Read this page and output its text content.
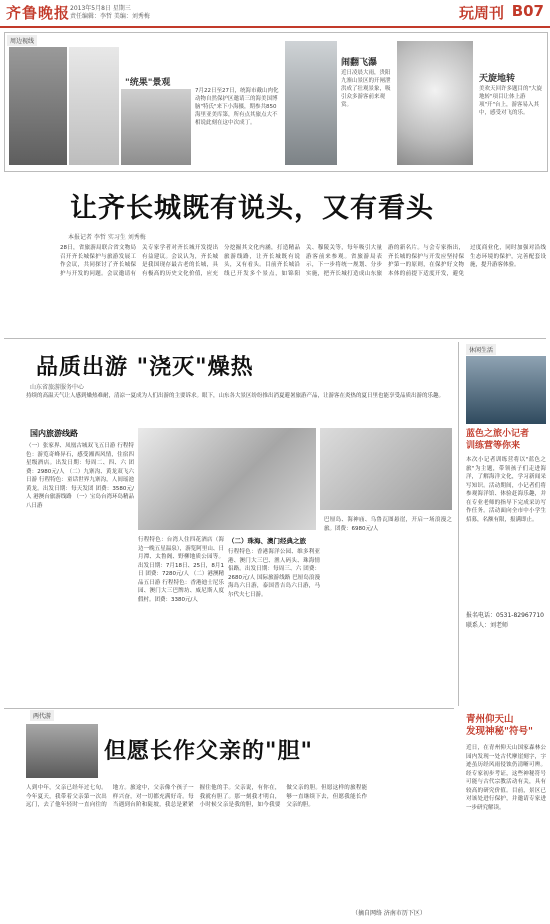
齐鲁晚报 2013年5月8日 星期三
责任编辑：李哲 美编：刘秀梅	玩周刊 B07
周边视线
"统果"景观
7月22日至27日，统海市戴山肉化动物自然保护区邀请三的海美国博脑"特氏"来下小海摄，期参共850海里亚美库第，所有点其旅点大不相说此刻在这中次成丁。
闹翻飞瀑
近日凌晨大雨，贵阳九寨山景区的开闸泄洪成了壮观景象，吸引众多游客前来观赏。
天旋地转
美欢天回许多题目的"大旋地转"项目让体上游项"开"台上，游客易入其中，感受对飞的乐。
让齐长城既有说头，又有看头
本报记者 李哲 实习生 刘秀梅
28日，省旅游局联合省文物局召开齐长城保护与旅游发展工作会议，共同探讨了齐长城保护与开发的问题。会议邀请有关专家学者对齐长城开发提出有益建议。会议认为，齐长城是我国现存最古老的长城，具有极高的历史文化价值，应充分挖掘其文化内涵，打造精品旅游线路，让齐长城既有说头，又有看头。目前齐长城沿线已开发多个景点，如锦阳关、穆陵关等，每年吸引大量游客前来参观。省旅游局表示，下一步将统一规划、分步实施，把齐长城打造成山东旅游的新名片。与会专家指出，齐长城的保护与开发应坚持保护第一的原则，在保护好文物本体的前提下适度开发，避免过度商业化，同时加强对沿线生态环境的保护，完善配套设施，提升游客体验。
品质出游 "浇灭"燥热
山东省旅游服务中心
持续的高温天气让人感到燥热难耐，清凉一夏成为人们出游的主要诉求。眼下，山东各大景区纷纷推出消夏避暑旅游产品，让游客在炎热的夏日里也能享受品质出游的乐趣。
国内旅游线路
（一）张家界、凤凰古城双飞五日游 行程特色：游览奇峰异石，感受湘西风情，住宿四星级酒店。出发日期：每周二、四、六 团费：2980元/人 （二）九寨沟、黄龙双飞六日游 行程特色：童话世界九寨沟，人间瑶池黄龙。出发日期：每天发团 团费：3580元/人 港澳台旅游线路 （一）宝岛台湾环岛精品八日游
行程特色：台湾人住四花酒店（海边一晚五星温泉），游览阿里山、日月潭、太鲁阁、野柳地质公园等。出发日期：7月18日、25日，8月1日 团费：7280元/人 （二）港澳精品五日游 行程特色：香港迪士尼乐园、澳门大三巴牌坊、威尼斯人度假村。团费：3380元/人
（二）珠海、澳门经典之旅
行程特色：香港海洋公园、维多利亚港、澳门大三巴、渔人码头、珠海情侣路。出发日期：每周三、六 团费：2680元/人 国际旅游线路 巴厘岛浪漫海岛六日游，泰国普吉岛六日游，马尔代夫七日游。
巴厘岛、海神庙、乌鲁瓦图悬崖，开启一场浪漫之旅。团费：6980元/人
休闲生活
蓝色之旅小记者
训练营等你来
本次小记者训练营将以"蓝色之旅"为主题，带领孩子们走进海洋，了解海洋文化，学习新闻采写知识。活动期间，小记者们将参观海洋馆、体验赶海乐趣，并在专业老师的指导下完成采访写作任务。活动面向全市中小学生招募，名额有限，报满即止。
报名电话：0531-82967710
联系人：刘老师
青州仰天山
发现神秘"符号"
近日，在青州仰天山国家森林公园内发现一处古代摩崖刻字，字迹虽历经风雨侵蚀仍清晰可辨。经专家初步考证，这些神秘符号可能与古代宗教活动有关，具有较高的研究价值。目前，景区已对该处进行保护，并邀请专家进一步研究解读。
两代游
但愿长作父亲的"胆"
人到中年，父亲已经年过七旬。今年夏天，我带着父亲第一次出远门，去了他年轻时一直向往的地方。旅途中，父亲像个孩子一样兴奋，对一切都充满好奇。每当遇到台阶和陡坡，我总是紧紧握住他的手。父亲说，有你在，我就有胆了。那一刻我才明白，小时候父亲是我的胆，如今我要做父亲的胆。但愿这样的旅程能够一直继续下去，但愿我能长作父亲的胆。
（摘自网络 济南市历下区）
